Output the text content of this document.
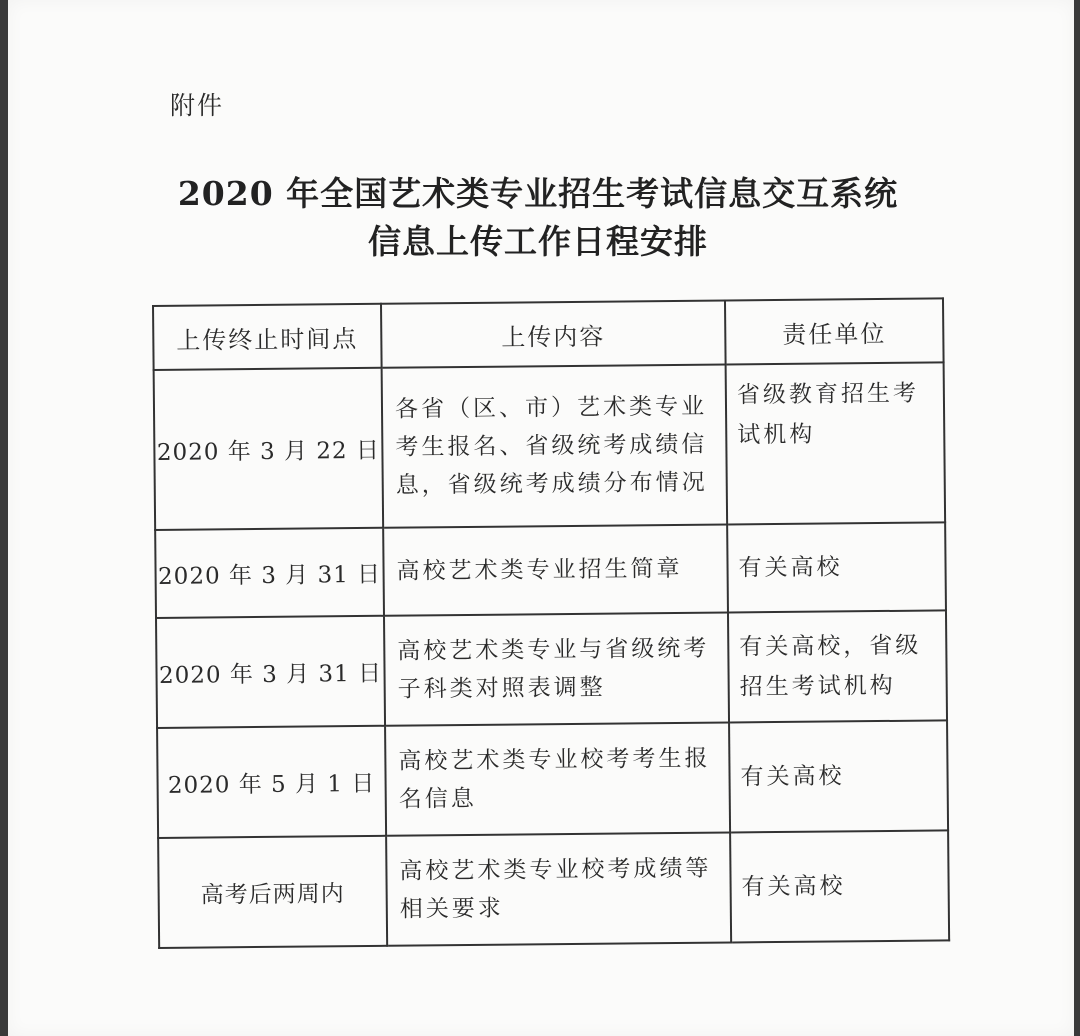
附件
2020 年全国艺术类专业招生考试信息交互系统
信息上传工作日程安排
上传终止时间点	上传内容	责任单位
2020 年 3 月 22 日	各省（区、市）艺术类专业考生报名、省级统考成绩信息，省级统考成绩分布情况	省级教育招生考试机构
2020 年 3 月 31 日	高校艺术类专业招生简章	有关高校
2020 年 3 月 31 日	高校艺术类专业与省级统考子科类对照表调整	有关高校，省级招生考试机构
2020 年 5 月 1 日	高校艺术类专业校考考生报名信息	有关高校
高考后两周内	高校艺术类专业校考成绩等相关要求	有关高校
